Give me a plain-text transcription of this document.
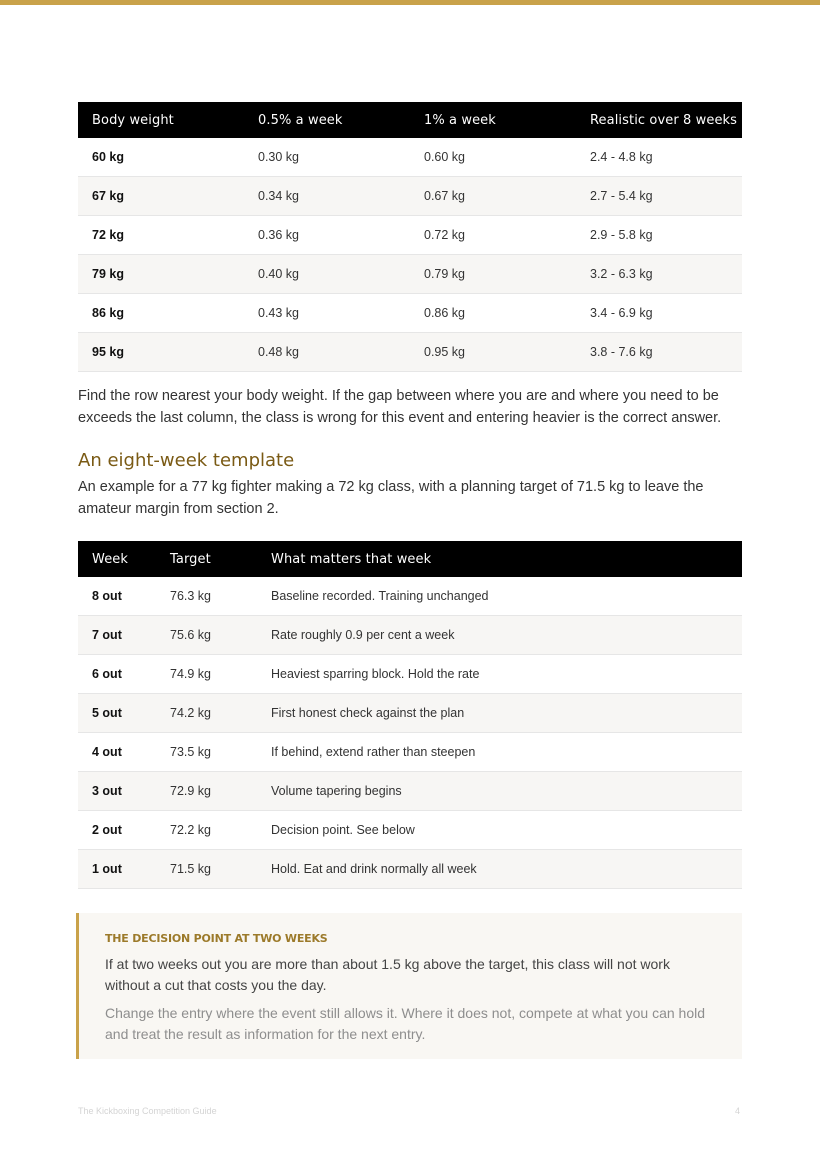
Body weight	0.5% a week	1% a week	Realistic over 8 weeks
60 kg	0.30 kg	0.60 kg	2.4 - 4.8 kg
67 kg	0.34 kg	0.67 kg	2.7 - 5.4 kg
72 kg	0.36 kg	0.72 kg	2.9 - 5.8 kg
79 kg	0.40 kg	0.79 kg	3.2 - 6.3 kg
86 kg	0.43 kg	0.86 kg	3.4 - 6.9 kg
95 kg	0.48 kg	0.95 kg	3.8 - 7.6 kg

Find the row nearest your body weight. If the gap between where you are and where you need to be exceeds the last column, the class is wrong for this event and entering heavier is the correct answer.

An eight-week template

An example for a 77 kg fighter making a 72 kg class, with a planning target of 71.5 kg to leave the amateur margin from section 2.

Week	Target	What matters that week
8 out	76.3 kg	Baseline recorded. Training unchanged
7 out	75.6 kg	Rate roughly 0.9 per cent a week
6 out	74.9 kg	Heaviest sparring block. Hold the rate
5 out	74.2 kg	First honest check against the plan
4 out	73.5 kg	If behind, extend rather than steepen
3 out	72.9 kg	Volume tapering begins
2 out	72.2 kg	Decision point. See below
1 out	71.5 kg	Hold. Eat and drink normally all week
THE DECISION POINT AT TWO WEEKS

If at two weeks out you are more than about 1.5 kg above the target, this class will not work without a cut that costs you the day.

Change the entry where the event still allows it. Where it does not, compete at what you can hold and treat the result as information for the next entry.

The Kickboxing Competition Guide	4
